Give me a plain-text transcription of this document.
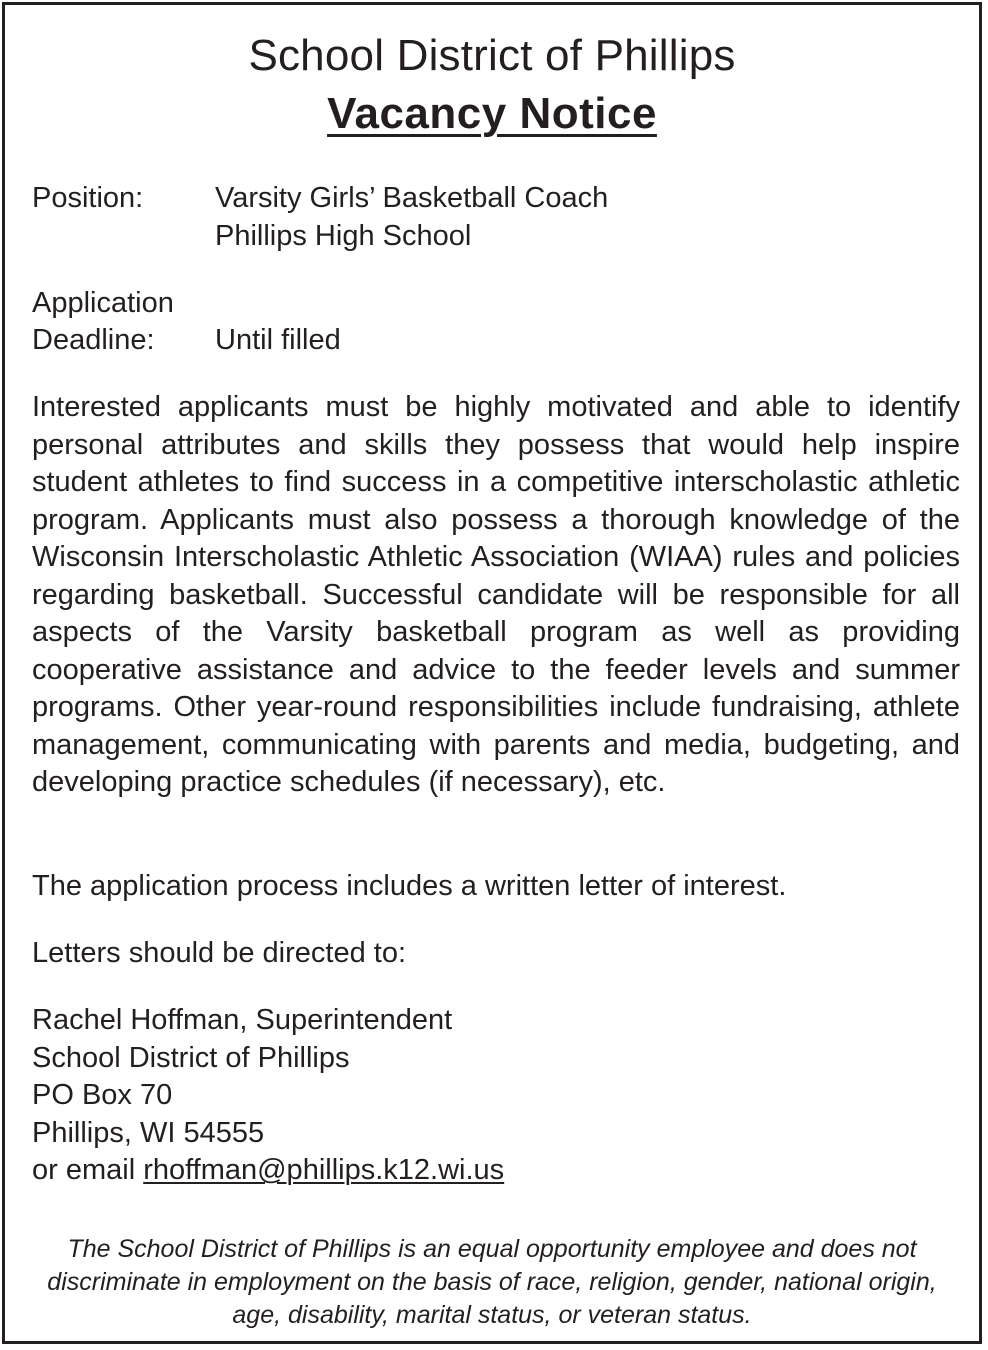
School District of Phillips
Vacancy Notice
Position: Varsity Girls’ Basketball Coach
Phillips High School
Application
Deadline: Until filled
Interested applicants must be highly motivated and able to identify personal attributes and skills they possess that would help inspire student athletes to find success in a competitive interscholastic athletic program. Applicants must also possess a thorough knowledge of the Wisconsin Interscholastic Athletic Association (WIAA) rules and policies regarding basketball. Successful candidate will be responsible for all aspects of the Varsity basketball program as well as providing cooperative assistance and advice to the feeder levels and summer programs. Other year-round responsibilities include fundraising, athlete management, communicating with parents and media, budgeting, and developing practice schedules (if necessary), etc.
The application process includes a written letter of interest.
Letters should be directed to:
Rachel Hoffman, Superintendent
School District of Phillips
PO Box 70
Phillips, WI 54555
or email rhoffman@phillips.k12.wi.us
The School District of Phillips is an equal opportunity employee and does not discriminate in employment on the basis of race, religion, gender, national origin, age, disability, marital status, or veteran status.
